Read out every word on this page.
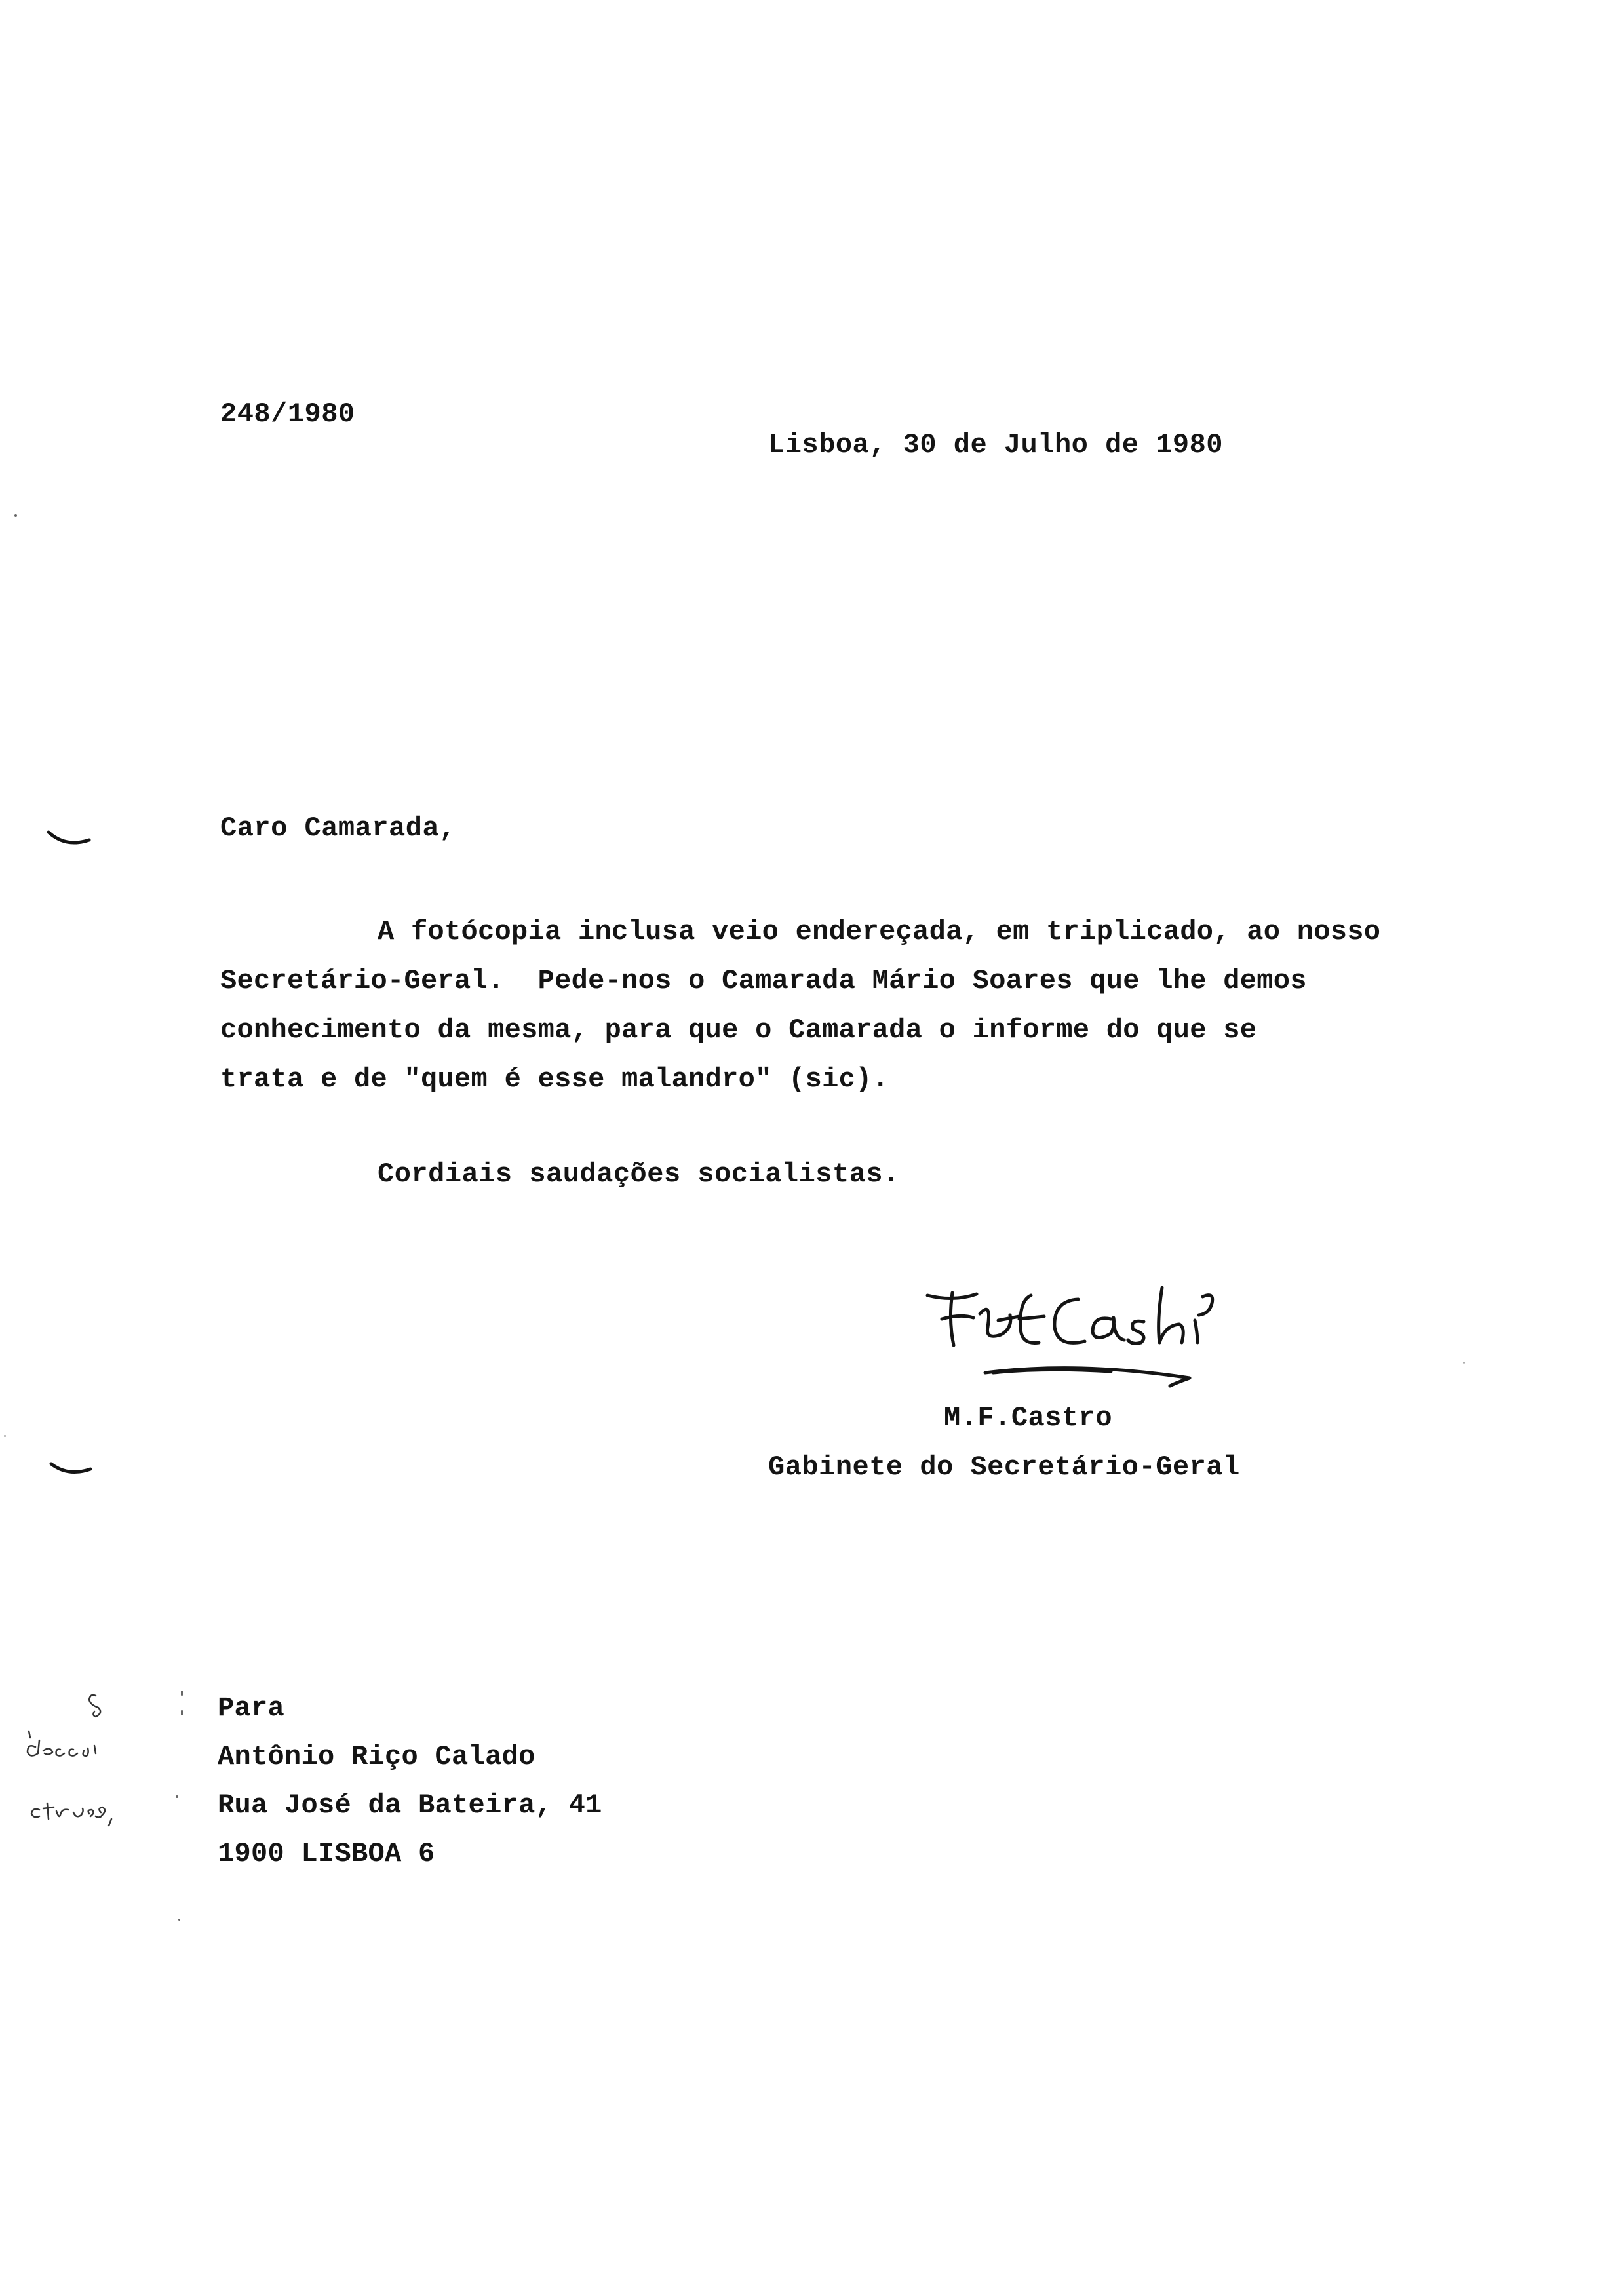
248/1980
Lisboa, 30 de Julho de 1980
Caro Camarada,
A fotócopia inclusa veio endereçada, em triplicado, ao nosso
Secretário-Geral.  Pede-nos o Camarada Mário Soares que lhe demos
conhecimento da mesma, para que o Camarada o informe do que se
trata e de "quem é esse malandro" (sic).
Cordiais saudações socialistas.
M.F.Castro
Gabinete do Secretário-Geral
Para
Antônio Riço Calado
Rua José da Bateira, 41
1900 LISBOA 6
